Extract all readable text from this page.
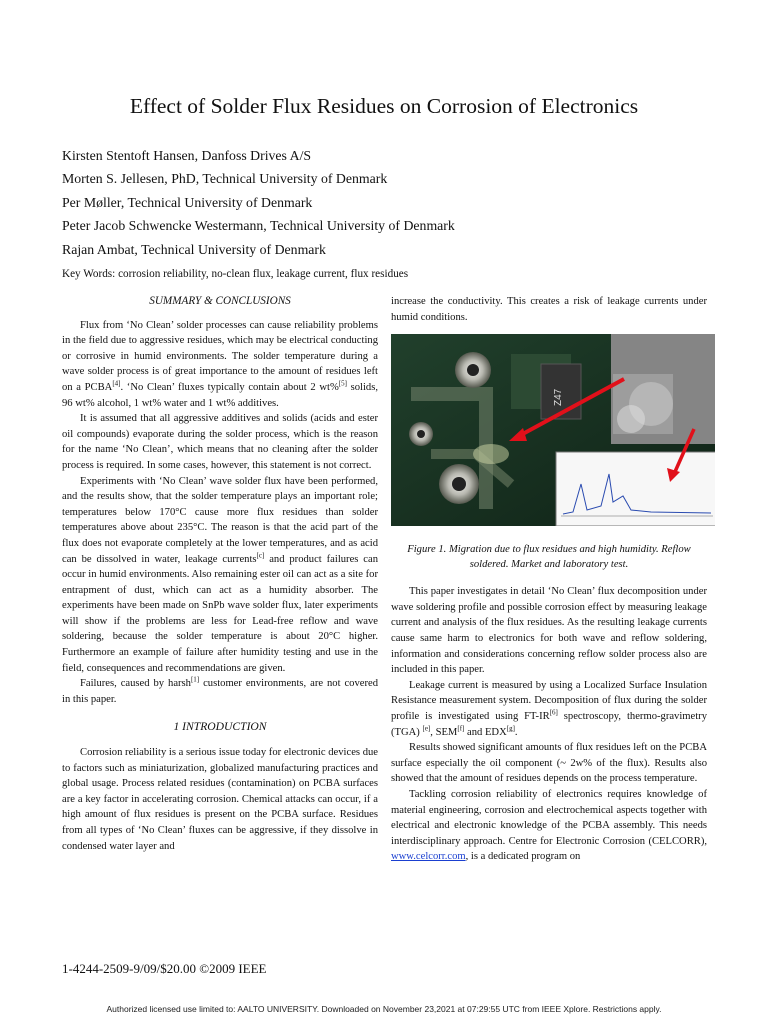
Effect of Solder Flux Residues on Corrosion of Electronics
Kirsten Stentoft Hansen, Danfoss Drives A/S
Morten S. Jellesen, PhD, Technical University of Denmark
Per Møller, Technical University of Denmark
Peter Jacob Schwencke Westermann, Technical University of Denmark
Rajan Ambat, Technical University of Denmark
Key Words: corrosion reliability, no-clean flux, leakage current, flux residues
SUMMARY & CONCLUSIONS

Flux from ‘No Clean’ solder processes can cause reliability problems in the field due to aggressive residues, which may be electrical conducting or corrosive in humid environments. The solder temperature during a wave solder process is of great importance to the amount of residues left on a PCBA[4]. ‘No Clean’ fluxes typically contain about 2 wt%[5] solids, 96 wt% alcohol, 1 wt% water and 1 wt% additives.

It is assumed that all aggressive additives and solids (acids and ester oil compounds) evaporate during the solder process, which is the reason for the name ‘No Clean’, which means that no cleaning after the solder process is required. In some cases, however, this statement is not correct.

Experiments with ‘No Clean’ wave solder flux have been performed, and the results show, that the solder temperature plays an important role; temperatures below 170°C cause more flux residues than solder temperatures above about 235°C. The reason is that the acid part of the flux does not evaporate completely at the lower temperatures, and as acid can be dissolved in water, leakage currents[c] and product failures can occur in humid environments. Also remaining ester oil can act as a site for entrapment of dust, which can act as a humidity absorber. The experiments have been made on SnPb wave solder flux, later experiments will show if the problems are less for Lead-free reflow and wave soldering, because the solder temperature is about 20°C higher. Furthermore an example of failure after humidity testing and use in the field, consequences and recommendations are given.

Failures, caused by harsh[1] customer environments, are not covered in this paper.

1 INTRODUCTION

Corrosion reliability is a serious issue today for electronic devices due to factors such as miniaturization, globalized manufacturing practices and global usage. Process related residues (contamination) on PCBA surfaces are a key factor in accelerating corrosion. Chemical attacks can occur, if a high amount of flux residues is present on the PCBA surface. Residues from all types of ‘No Clean’ fluxes can be aggressive, if they dissolve in condensed water layer and

increase the conductivity. This creates a risk of leakage currents under humid conditions.

Z47
Figure 1. Migration due to flux residues and high humidity. Reflow soldered. Market and laboratory test.

This paper investigates in detail ‘No Clean’ flux decomposition under wave soldering profile and possible corrosion effect by measuring leakage current and analysis of the flux residues. As the resulting leakage currents cause same harm to electronics for both wave and reflow soldering, information and considerations concerning reflow solder process also are included in this paper.

Leakage current is measured by using a Localized Surface Insulation Resistance measurement system. Decomposition of flux during the solder profile is investigated using FT-IR[6] spectroscopy, thermo-gravimetry (TGA) [e], SEM[f] and EDX[g].

Results showed significant amounts of flux residues left on the PCBA surface especially the oil component (~ 2w% of the flux). Results also showed that the amount of residues depends on the process temperature.

Tackling corrosion reliability of electronics requires knowledge of material engineering, corrosion and electrochemical aspects together with electrical and electronic knowledge of the PCBA assembly. This needs interdisciplinary approach. Centre for Electronic Corrosion (CELCORR), www.celcorr.com, is a dedicated program on

1-4244-2509-9/09/$20.00 ©2009 IEEE
Authorized licensed use limited to: AALTO UNIVERSITY. Downloaded on November 23,2021 at 07:29:55 UTC from IEEE Xplore. Restrictions apply.
